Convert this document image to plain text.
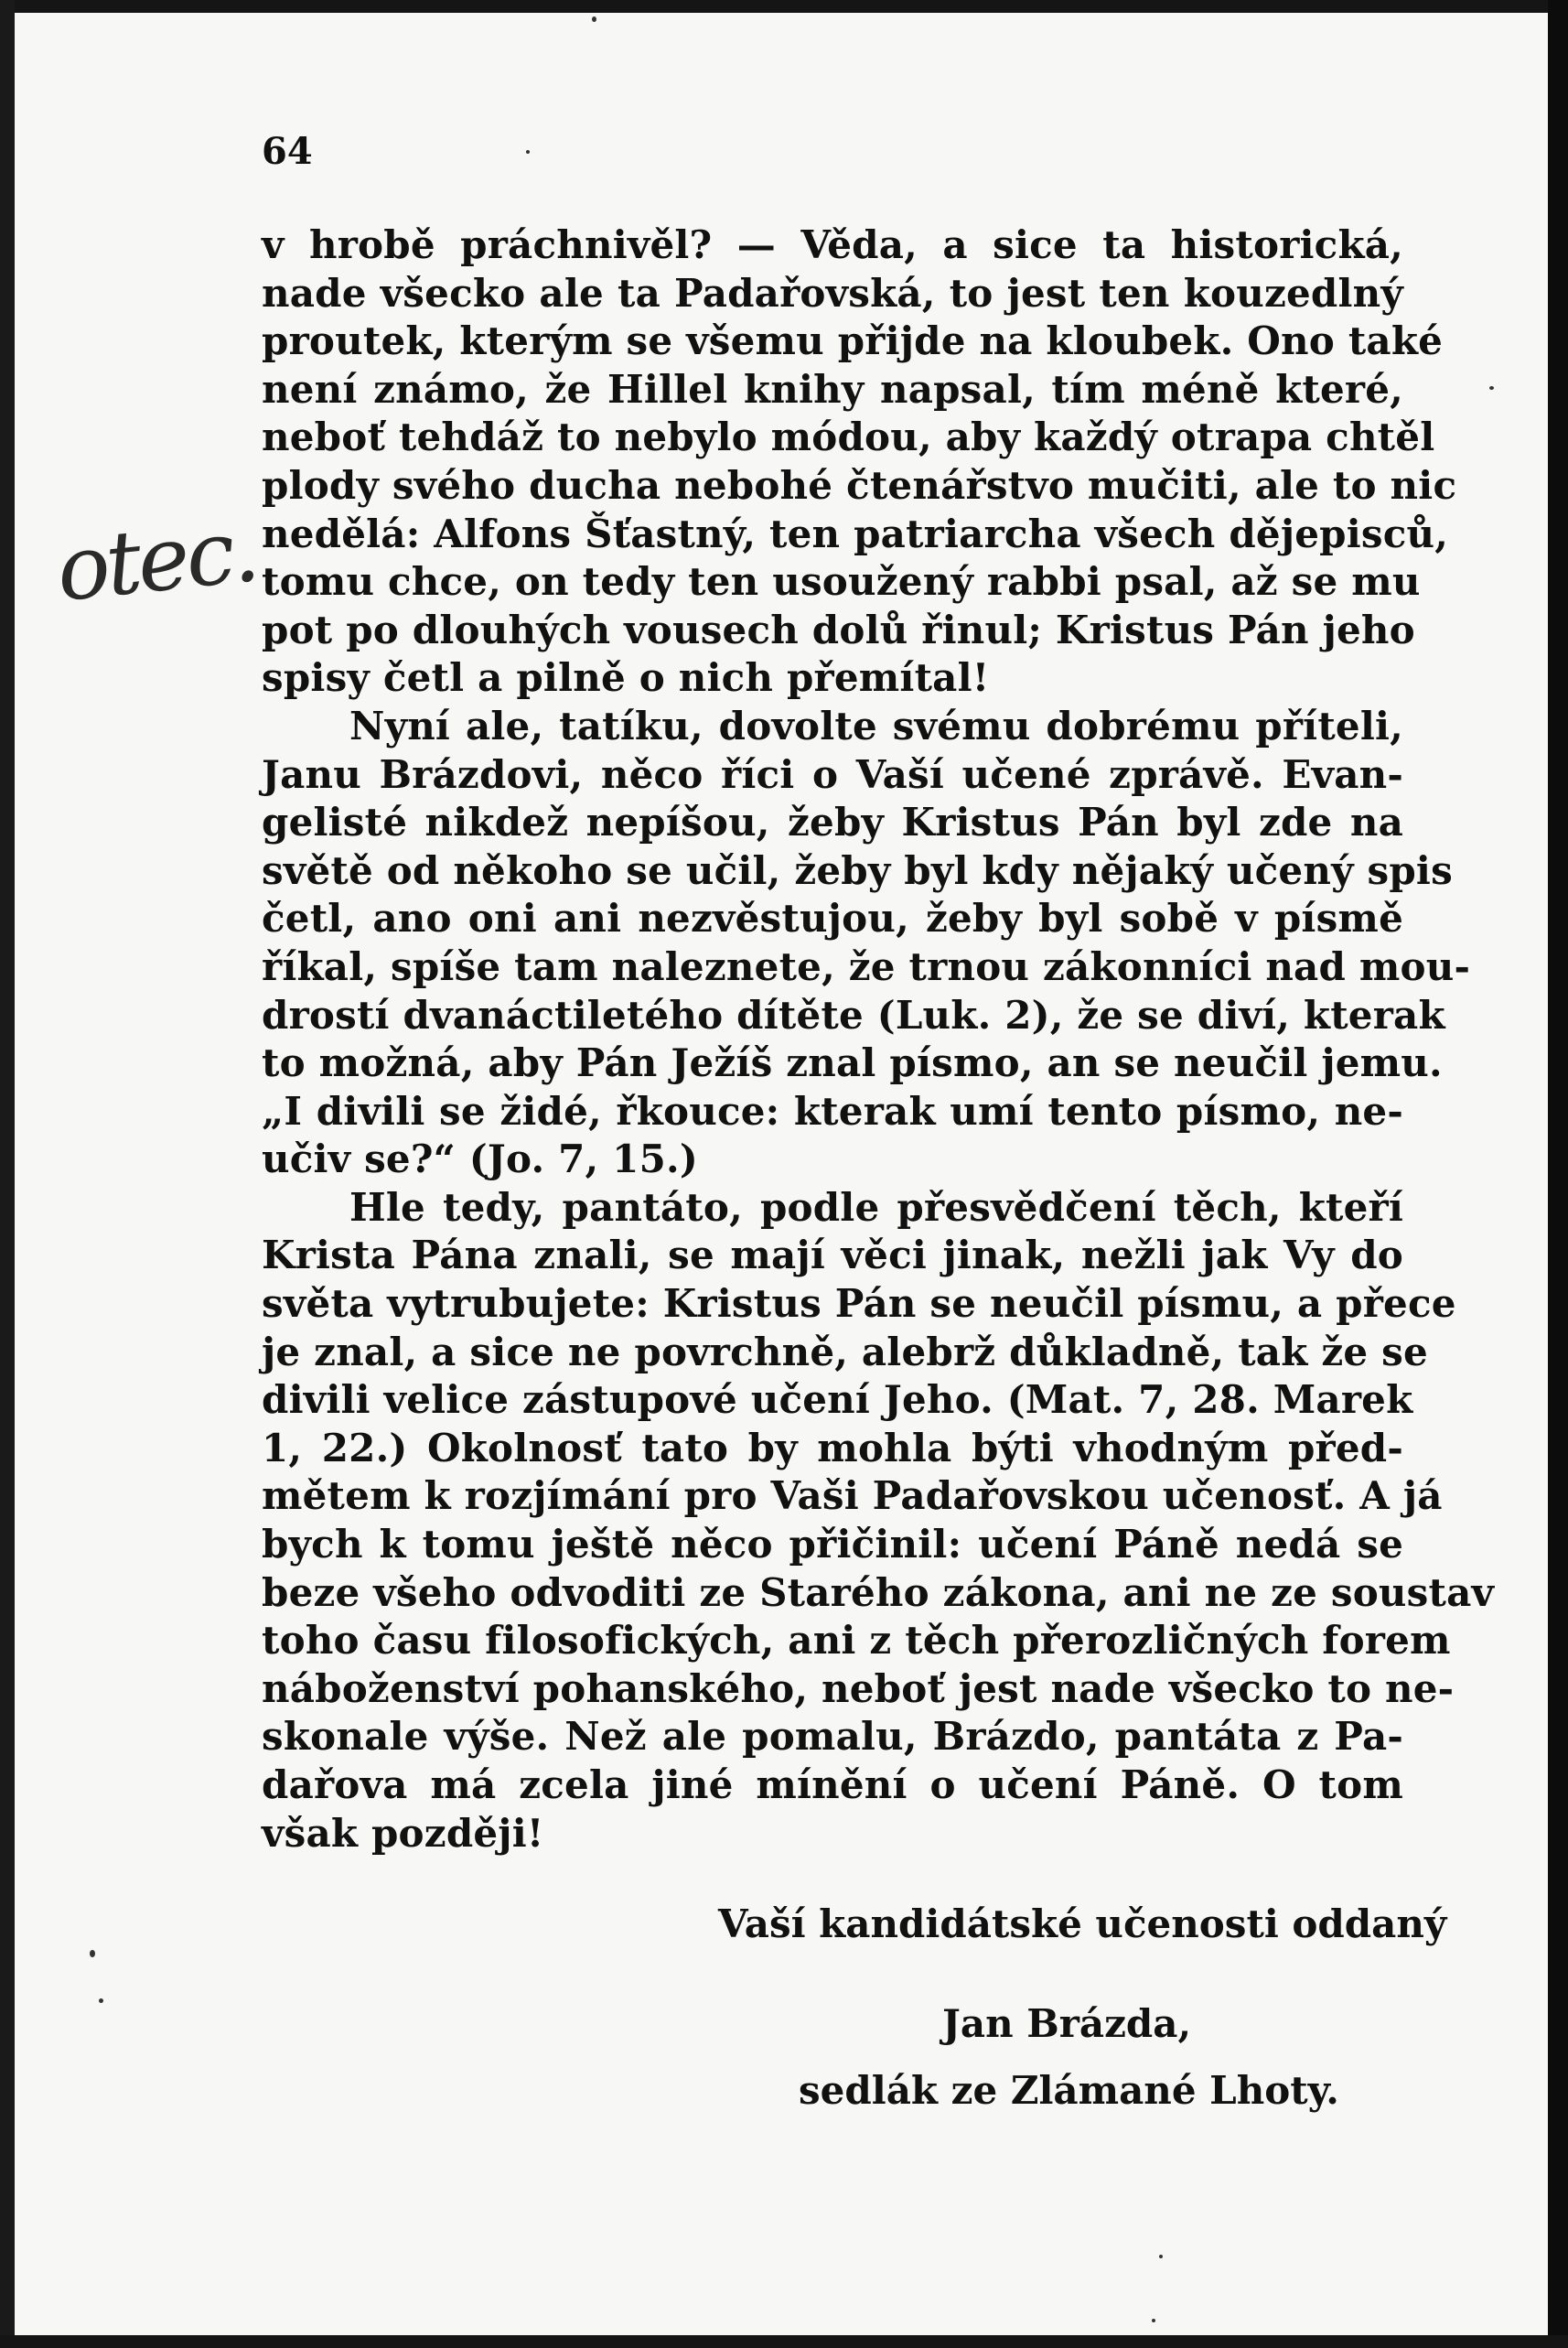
64
otec.
v hrobě práchnivěl? — Věda, a sice ta historická,
nade všecko ale ta Padařovská, to jest ten kouzedlný
proutek, kterým se všemu přijde na kloubek. Ono také
není známo, že Hillel knihy napsal, tím méně které,
neboť tehdáž to nebylo módou, aby každý otrapa chtěl
plody svého ducha nebohé čtenářstvo mučiti, ale to nic
nedělá: Alfons Šťastný, ten patriarcha všech dějepisců,
tomu chce, on tedy ten usoužený rabbi psal, až se mu
pot po dlouhých vousech dolů řinul; Kristus Pán jeho
spisy četl a pilně o nich přemítal!
Nyní ale, tatíku, dovolte svému dobrému příteli,
Janu Brázdovi, něco říci o Vaší učené zprávě. Evan-
gelisté nikdež nepíšou, žeby Kristus Pán byl zde na
světě od někoho se učil, žeby byl kdy nějaký učený spis
četl, ano oni ani nezvěstujou, žeby byl sobě v písmě
říkal, spíše tam naleznete, že trnou zákonníci nad mou-
drostí dvanáctiletého dítěte (Luk. 2), že se diví, kterak
to možná, aby Pán Ježíš znal písmo, an se neučil jemu.
„I divili se židé, řkouce: kterak umí tento písmo, ne-
učiv se?“ (Jo. 7, 15.)
Hle tedy, pantáto, podle přesvědčení těch, kteří
Krista Pána znali, se mají věci jinak, nežli jak Vy do
světa vytrubujete: Kristus Pán se neučil písmu, a přece
je znal, a sice ne povrchně, alebrž důkladně, tak že se
divili velice zástupové učení Jeho. (Mat. 7, 28. Marek
1, 22.) Okolnosť tato by mohla býti vhodným před-
mětem k rozjímání pro Vaši Padařovskou učenosť. A já
bych k tomu ještě něco přičinil: učení Páně nedá se
beze všeho odvoditi ze Starého zákona, ani ne ze soustav
toho času filosofických, ani z těch přerozličných forem
náboženství pohanského, neboť jest nade všecko to ne-
skonale výše. Než ale pomalu, Brázdo, pantáta z Pa-
dařova má zcela jiné mínění o učení Páně. O tom
však později!
Vaší kandidátské učenosti oddaný
Jan Brázda,
sedlák ze Zlámané Lhoty.
